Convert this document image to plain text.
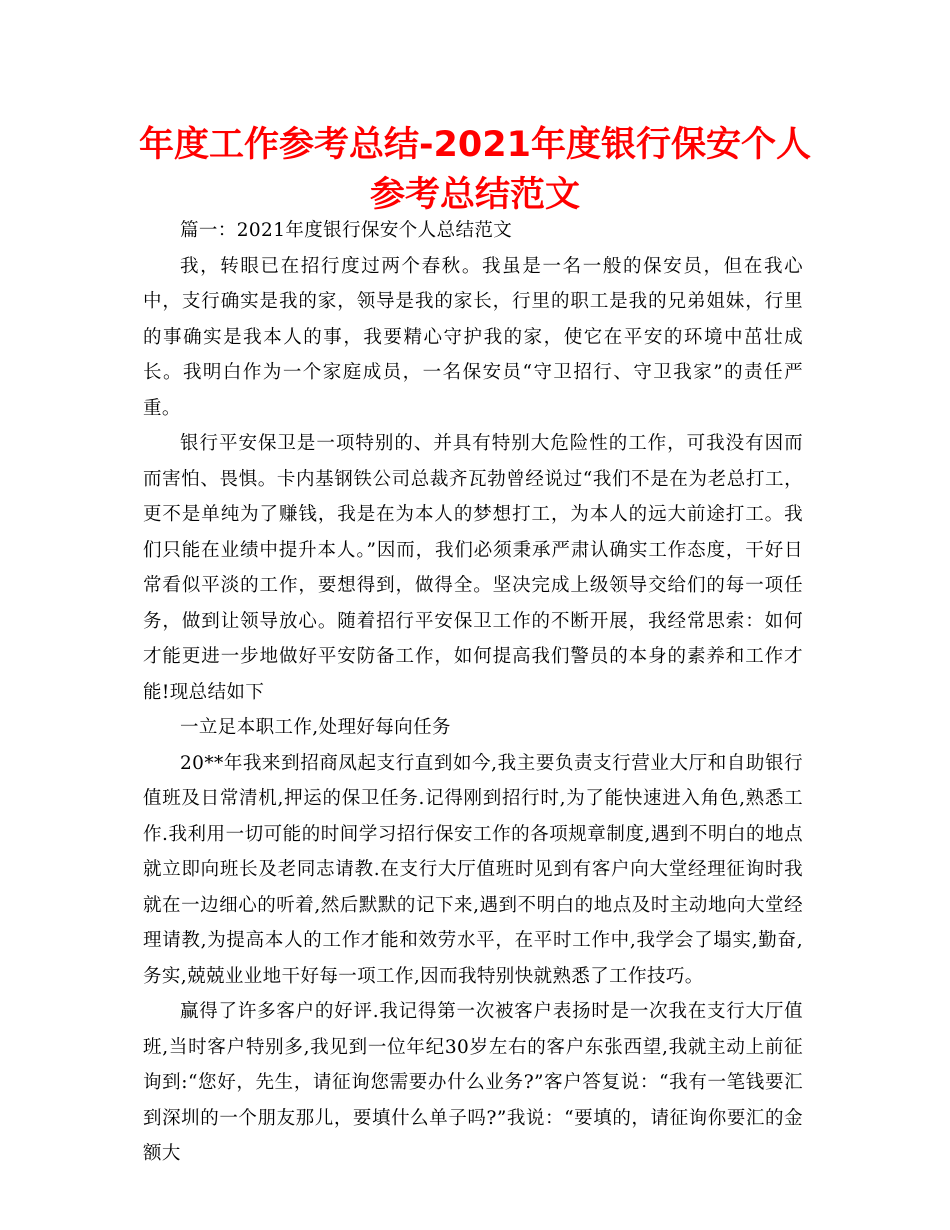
年度工作参考总结-2021年度银行保安个人参考总结范文

篇一：2021年度银行保安个人总结范文

我，转眼已在招行度过两个春秋。我虽是一名一般的保安员，但在我心中，支行确实是我的家，领导是我的家长，行里的职工是我的兄弟姐妹，行里的事确实是我本人的事，我要精心守护我的家，使它在平安的环境中茁壮成长。我明白作为一个家庭成员，一名保安员“守卫招行、守卫我家”的责任严重。

银行平安保卫是一项特别的、并具有特别大危险性的工作，可我没有因而而害怕、畏惧。卡内基钢铁公司总裁齐瓦勃曾经说过“我们不是在为老总打工，更不是单纯为了赚钱，我是在为本人的梦想打工，为本人的远大前途打工。我们只能在业绩中提升本人。”因而，我们必须秉承严肃认确实工作态度，干好日常看似平淡的工作，要想得到，做得全。坚决完成上级领导交给们的每一项任务，做到让领导放心。随着招行平安保卫工作的不断开展，我经常思索：如何才能更进一步地做好平安防备工作，如何提高我们警员的本身的素养和工作才能!现总结如下

一立足本职工作,处理好每向任务

20**年我来到招商凤起支行直到如今,我主要负责支行营业大厅和自助银行值班及日常清机,押运的保卫任务.记得刚到招行时,为了能快速进入角色,熟悉工作.我利用一切可能的时间学习招行保安工作的各项规章制度,遇到不明白的地点就立即向班长及老同志请教.在支行大厅值班时见到有客户向大堂经理征询时我就在一边细心的听着,然后默默的记下来,遇到不明白的地点及时主动地向大堂经理请教,为提高本人的工作才能和效劳水平，在平时工作中,我学会了塌实,勤奋,务实,兢兢业业地干好每一项工作,因而我特别快就熟悉了工作技巧。

赢得了许多客户的好评.我记得第一次被客户表扬时是一次我在支行大厅值班,当时客户特别多,我见到一位年纪30岁左右的客户东张西望,我就主动上前征询到:“您好，先生，请征询您需要办什么业务?”客户答复说：“我有一笔钱要汇到深圳的一个朋友那儿，要填什么单子吗?”我说：“要填的，请征询你要汇的金额大
